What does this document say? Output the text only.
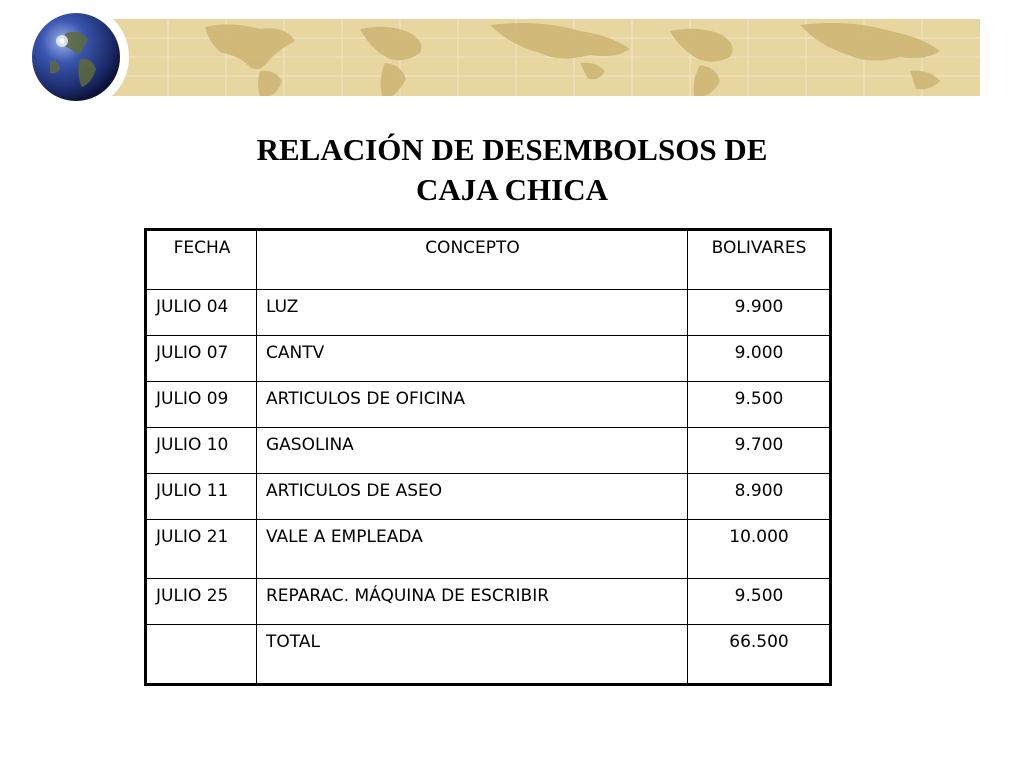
RELACIÓN DE DESEMBOLSOS DE
CAJA CHICA
FECHA	CONCEPTO	BOLIVARES
JULIO 04	LUZ	9.900
JULIO 07	CANTV	9.000
JULIO 09	ARTICULOS DE OFICINA	9.500
JULIO 10	GASOLINA	9.700
JULIO 11	ARTICULOS DE ASEO	8.900
JULIO 21	VALE A EMPLEADA	10.000
JULIO 25	REPARAC. MÁQUINA DE ESCRIBIR	9.500
	TOTAL	66.500
